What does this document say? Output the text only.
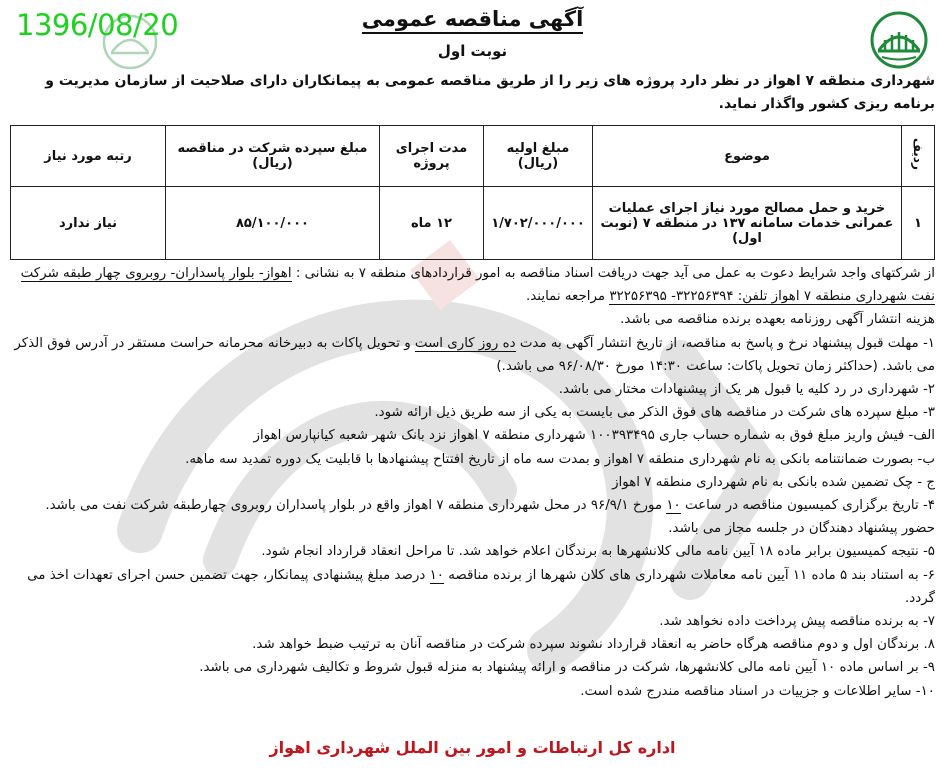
1396/08/20	آگهی مناقصه عمومی
نوبت اول
شهرداری منطقه ۷ اهواز در نظر دارد پروژه های زیر را از طریق مناقصه عمومی به پیمانکاران دارای صلاحیت از سازمان مدیریت و برنامه ریزی کشور واگذار نماید.
ردیف	موضوع	مبلغ اولیه (ریال)	مدت اجرای پروژه	مبلغ سپرده شرکت در مناقصه (ریال)	رتبه مورد نیاز
۱	خرید و حمل مصالح مورد نیاز اجرای عملیات عمرانی خدمات سامانه ۱۳۷ در منطقه ۷ (نوبت اول)	۱/۷۰۲/۰۰۰/۰۰۰	۱۲ ماه	۸۵/۱۰۰/۰۰۰	نیاز ندارد

از شرکتهای واجد شرایط دعوت به عمل می آید جهت دریافت اسناد مناقصه به امور قراردادهای منطقه ۷ به نشانی : اهواز- بلوار پاسداران- روبروی چهار طبقه شرکت نفت شهرداری منطقه ۷ اهواز تلفن: ۳۲۲۵۶۳۹۴- ۳۲۲۵۶۳۹۵ مراجعه نمایند.

هزینه انتشار آگهی روزنامه بعهده برنده مناقصه می باشد.

۱- مهلت قبول پیشنهاد نرخ و پاسخ به مناقصه، از تاریخ انتشار آگهی به مدت ده روز کاری است و تحویل پاکات به دبیرخانه محرمانه حراست مستقر در آدرس فوق الذکر می باشد. (حداکثر زمان تحویل پاکات: ساعت ۱۴:۳۰ مورخ ۹۶/۰۸/۳۰ می باشد.)

۲- شهرداری در رد کلیه یا قبول هر یک از پیشنهادات مختار می باشد.

۳- مبلغ سپرده های شرکت در مناقصه های فوق الذکر می بایست به یکی از سه طریق ذیل ارائه شود.

الف- فیش واریز مبلغ فوق به شماره حساب جاری ۱۰۰۳۹۳۴۹۵ شهرداری منطقه ۷ اهواز نزد بانک شهر شعبه کیانپارس اهواز

ب- بصورت ضمانتنامه بانکی به نام شهرداری منطقه ۷ اهواز و بمدت سه ماه از تاریخ افتتاح پیشنهادها با قابلیت یک دوره تمدید سه ماهه.

ج - چک تضمین شده بانکی به نام شهرداری منطقه ۷ اهواز

۴- تاریخ برگزاری کمیسیون مناقصه در ساعت ۱۰ مورخ ۹۶/۹/۱ در محل شهرداری منطقه ۷ اهواز واقع در بلوار پاسداران روبروی چهارطبقه شرکت نفت می باشد. حضور پیشنهاد دهندگان در جلسه مجاز می باشد.

۵- نتیجه کمیسیون برابر ماده ۱۸ آیین نامه مالی کلانشهرها به برندگان اعلام خواهد شد. تا مراحل انعقاد قرارداد انجام شود.

۶- به استناد بند ۵ ماده ۱۱ آیین نامه معاملات شهرداری های کلان شهرها از برنده مناقصه ۱۰ درصد مبلغ پیشنهادی پیمانکار، جهت تضمین حسن اجرای تعهدات اخذ می گردد.

۷- به برنده مناقصه پیش پرداخت داده نخواهد شد.

۸. برندگان اول و دوم مناقصه هرگاه حاضر به انعقاد قرارداد نشوند سپرده شرکت در مناقصه آنان به ترتیب ضبط خواهد شد.

۹- بر اساس ماده ۱۰ آیین نامه مالی کلانشهرها، شرکت در مناقصه و ارائه پیشنهاد به منزله قبول شروط و تکالیف شهرداری می باشد.

۱۰- سایر اطلاعات و جزییات در اسناد مناقصه مندرج شده است.

اداره کل ارتباطات و امور بین الملل شهرداری اهواز
